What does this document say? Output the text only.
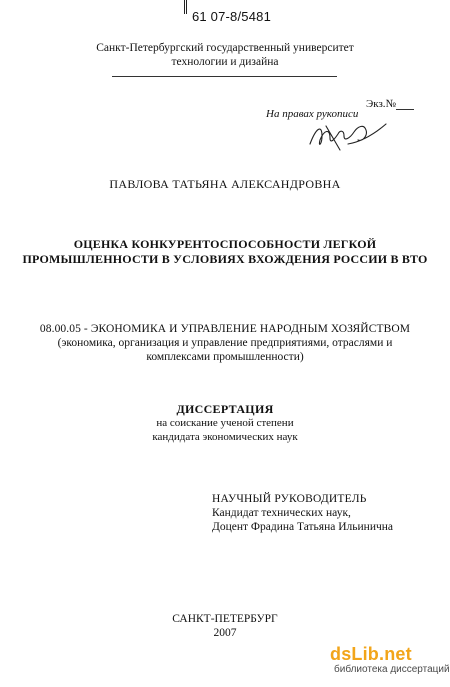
61 07-8/5481
Санкт-Петербургский государственный университет
технологии и дизайна
Экз.№
На правах рукописи
ПАВЛОВА ТАТЬЯНА АЛЕКСАНДРОВНА
ОЦЕНКА КОНКУРЕНТОСПОСОБНОСТИ ЛЕГКОЙ
ПРОМЫШЛЕННОСТИ В УСЛОВИЯХ ВХОЖДЕНИЯ РОССИИ В ВТО
08.00.05 - ЭКОНОМИКА И УПРАВЛЕНИЕ НАРОДНЫМ ХОЗЯЙСТВОМ
(экономика, организация и управление предприятиями, отраслями и
комплексами промышленности)
ДИССЕРТАЦИЯ
на соискание ученой степени
кандидата экономических наук
НАУЧНЫЙ РУКОВОДИТЕЛЬ
Кандидат технических наук,
Доцент Фрадина Татьяна Ильинична
САНКТ-ПЕТЕРБУРГ
2007
dsLib.net
библиотека диссертаций
